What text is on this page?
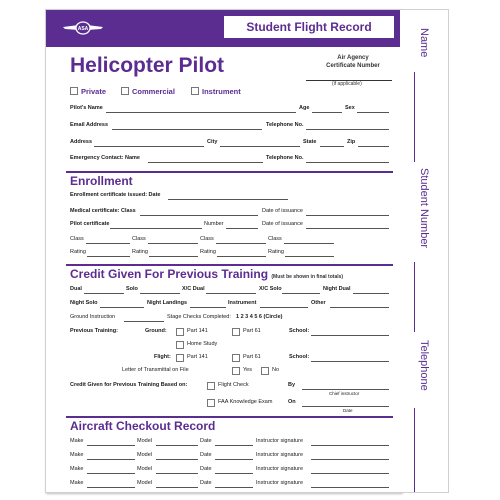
ASA	Student Flight Record
Helicopter Pilot	Air Agency
Certificate Number
(if applicable)
Private	Commercial	Instrument
Pilot's Name	Age	Sex
Email Address	Telephone No.
Address	City	State	Zip
Emergency Contact: Name	Telephone No.
Enrollment
Enrollment certificate issued: Date
Medical certificate: Class	Date of issuance
Pilot certificate	Number	Date of issuance
Class	Class	Class	Class
Rating	Rating	Rating	Rating
Credit Given For Previous Training (Must be shown in final totals)
Dual	Solo	X/C Dual	X/C Solo	Night Dual
Night Solo	Night Landings	Instrument	Other
Ground Instruction	Stage Checks Completed: 1 2 3 4 5 6 (Circle)
Previous Training:	Ground:	Part 141	Part 61	School:
Home Study
Flight:	Part 141	Part 61	School:
Letter of Transmittal on File	Yes	No
Credit Given for Previous Training Based on:	Flight Check	By
Chief instructor
FAA Knowledge Exam	On
Date
Aircraft Checkout Record
Make	Model	Date	Instructor signature
Make	Model	Date	Instructor signature
Make	Model	Date	Instructor signature
Make	Model	Date	Instructor signature
Name
Student Number
Telephone
